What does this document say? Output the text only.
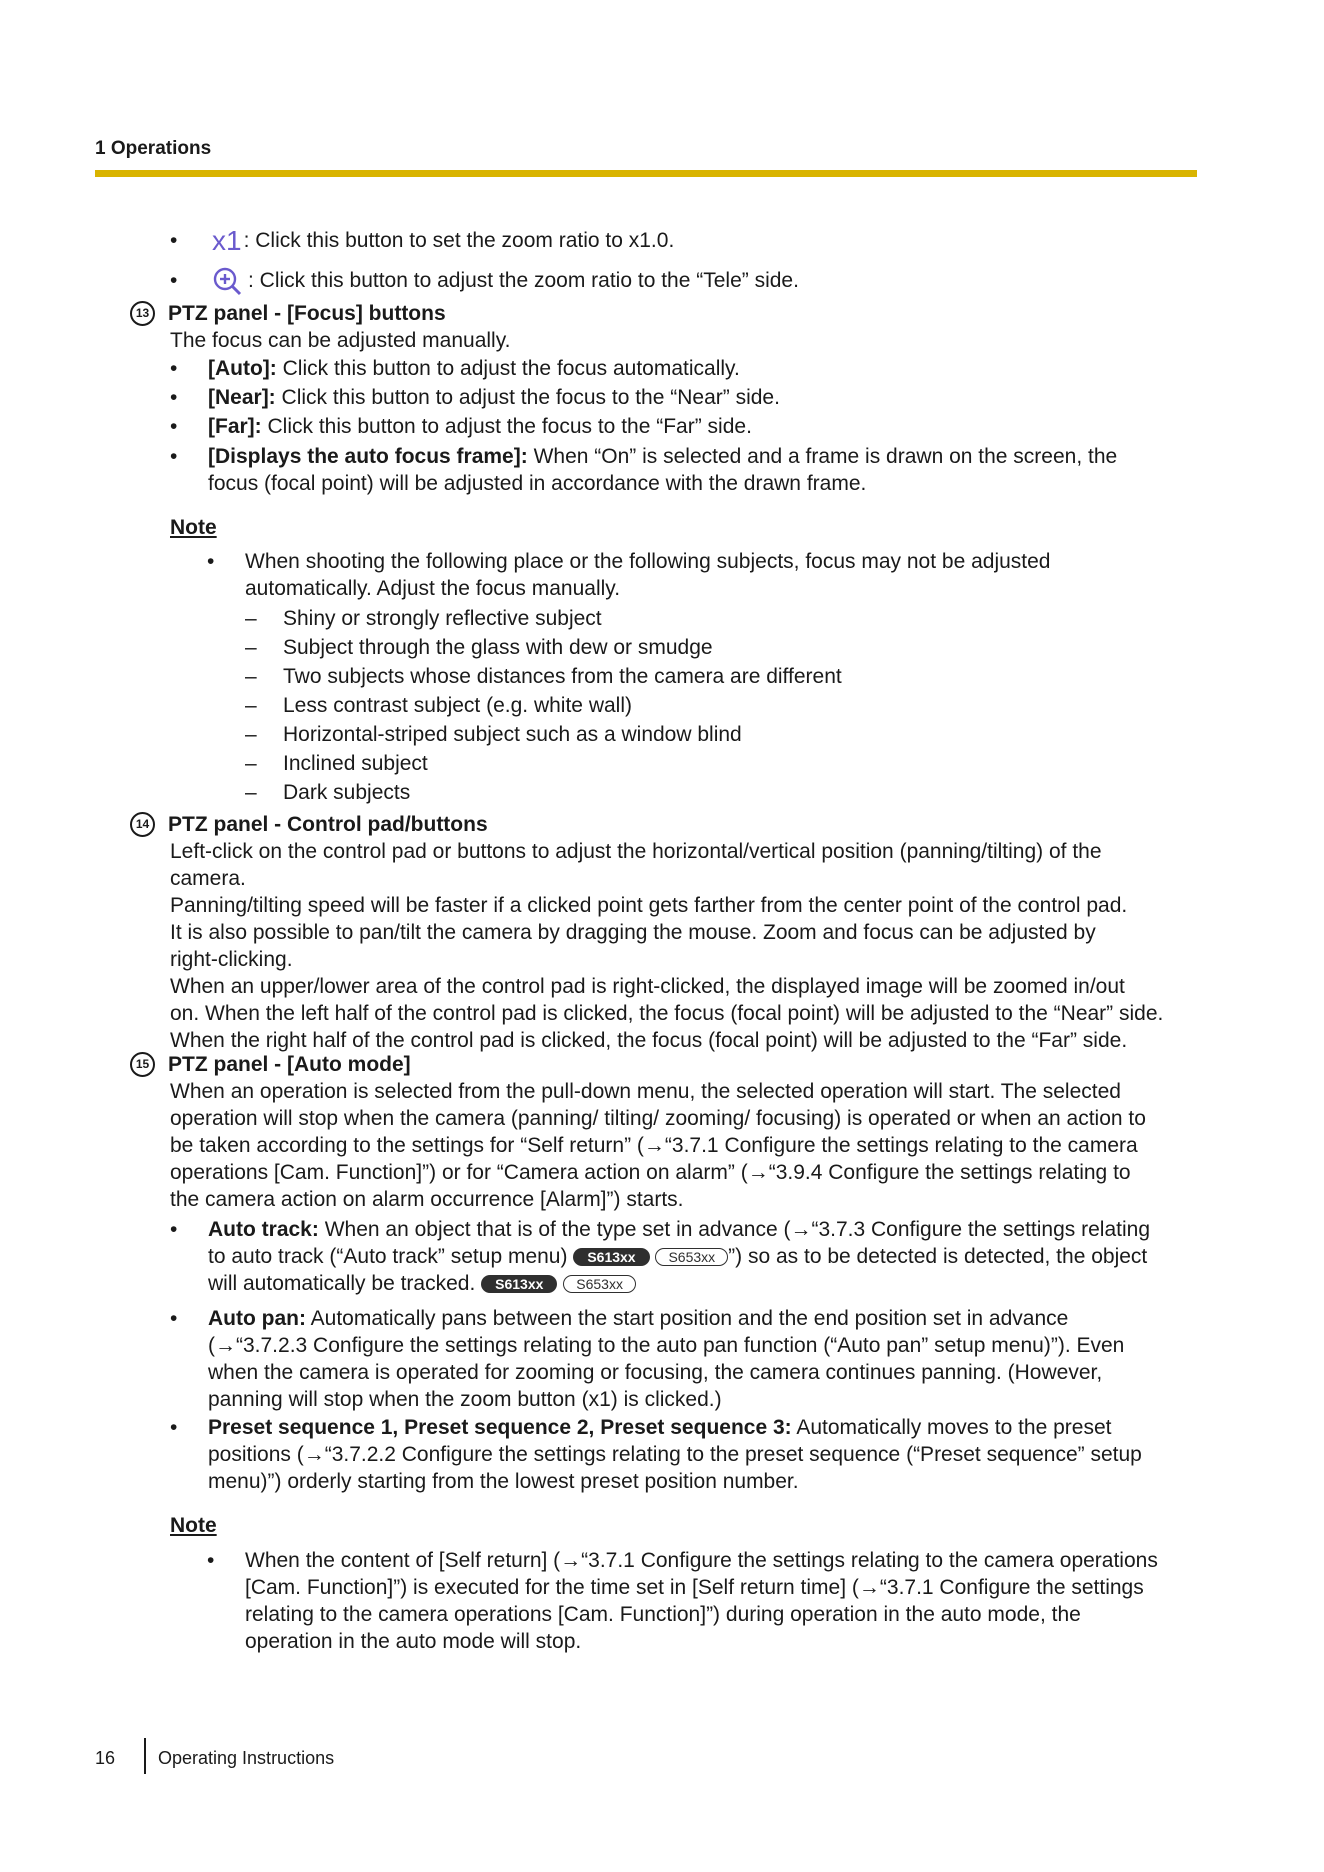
1 Operations
•	x1 : Click this button to set the zoom ratio to x1.0.
•	: Click this button to adjust the zoom ratio to the “Tele” side.
13 PTZ panel - [Focus] buttons
The focus can be adjusted manually.
•	[Auto]: Click this button to adjust the focus automatically.
•	[Near]: Click this button to adjust the focus to the “Near” side.
•	[Far]: Click this button to adjust the focus to the “Far” side.
•	[Displays the auto focus frame]: When “On” is selected and a frame is drawn on the screen, the
focus (focal point) will be adjusted in accordance with the drawn frame.
Note
•	When shooting the following place or the following subjects, focus may not be adjusted
automatically. Adjust the focus manually.
–	Shiny or strongly reflective subject
–	Subject through the glass with dew or smudge
–	Two subjects whose distances from the camera are different
–	Less contrast subject (e.g. white wall)
–	Horizontal-striped subject such as a window blind
–	Inclined subject
–	Dark subjects
14 PTZ panel - Control pad/buttons
Left-click on the control pad or buttons to adjust the horizontal/vertical position (panning/tilting) of the
camera.
Panning/tilting speed will be faster if a clicked point gets farther from the center point of the control pad.
It is also possible to pan/tilt the camera by dragging the mouse. Zoom and focus can be adjusted by
right-clicking.
When an upper/lower area of the control pad is right-clicked, the displayed image will be zoomed in/out
on. When the left half of the control pad is clicked, the focus (focal point) will be adjusted to the “Near” side.
When the right half of the control pad is clicked, the focus (focal point) will be adjusted to the “Far” side.
15 PTZ panel - [Auto mode]
When an operation is selected from the pull-down menu, the selected operation will start. The selected
operation will stop when the camera (panning/ tilting/ zooming/ focusing) is operated or when an action to
be taken according to the settings for “Self return” (→“3.7.1 Configure the settings relating to the camera
operations [Cam. Function]”) or for “Camera action on alarm” (→“3.9.4 Configure the settings relating to
the camera action on alarm occurrence [Alarm]”) starts.
•	Auto track: When an object that is of the type set in advance (→“3.7.3 Configure the settings relating
to auto track (“Auto track” setup menu) S613xx S653xx ”) so as to be detected is detected, the object
will automatically be tracked. S613xx S653xx
•	Auto pan: Automatically pans between the start position and the end position set in advance
(→“3.7.2.3 Configure the settings relating to the auto pan function (“Auto pan” setup menu)”). Even
when the camera is operated for zooming or focusing, the camera continues panning. (However,
panning will stop when the zoom button (x1) is clicked.)
•	Preset sequence 1, Preset sequence 2, Preset sequence 3: Automatically moves to the preset
positions (→“3.7.2.2 Configure the settings relating to the preset sequence (“Preset sequence” setup
menu)”) orderly starting from the lowest preset position number.
Note
•	When the content of [Self return] (→“3.7.1 Configure the settings relating to the camera operations
[Cam. Function]”) is executed for the time set in [Self return time] (→“3.7.1 Configure the settings
relating to the camera operations [Cam. Function]”) during operation in the auto mode, the
operation in the auto mode will stop.
16 Operating Instructions
